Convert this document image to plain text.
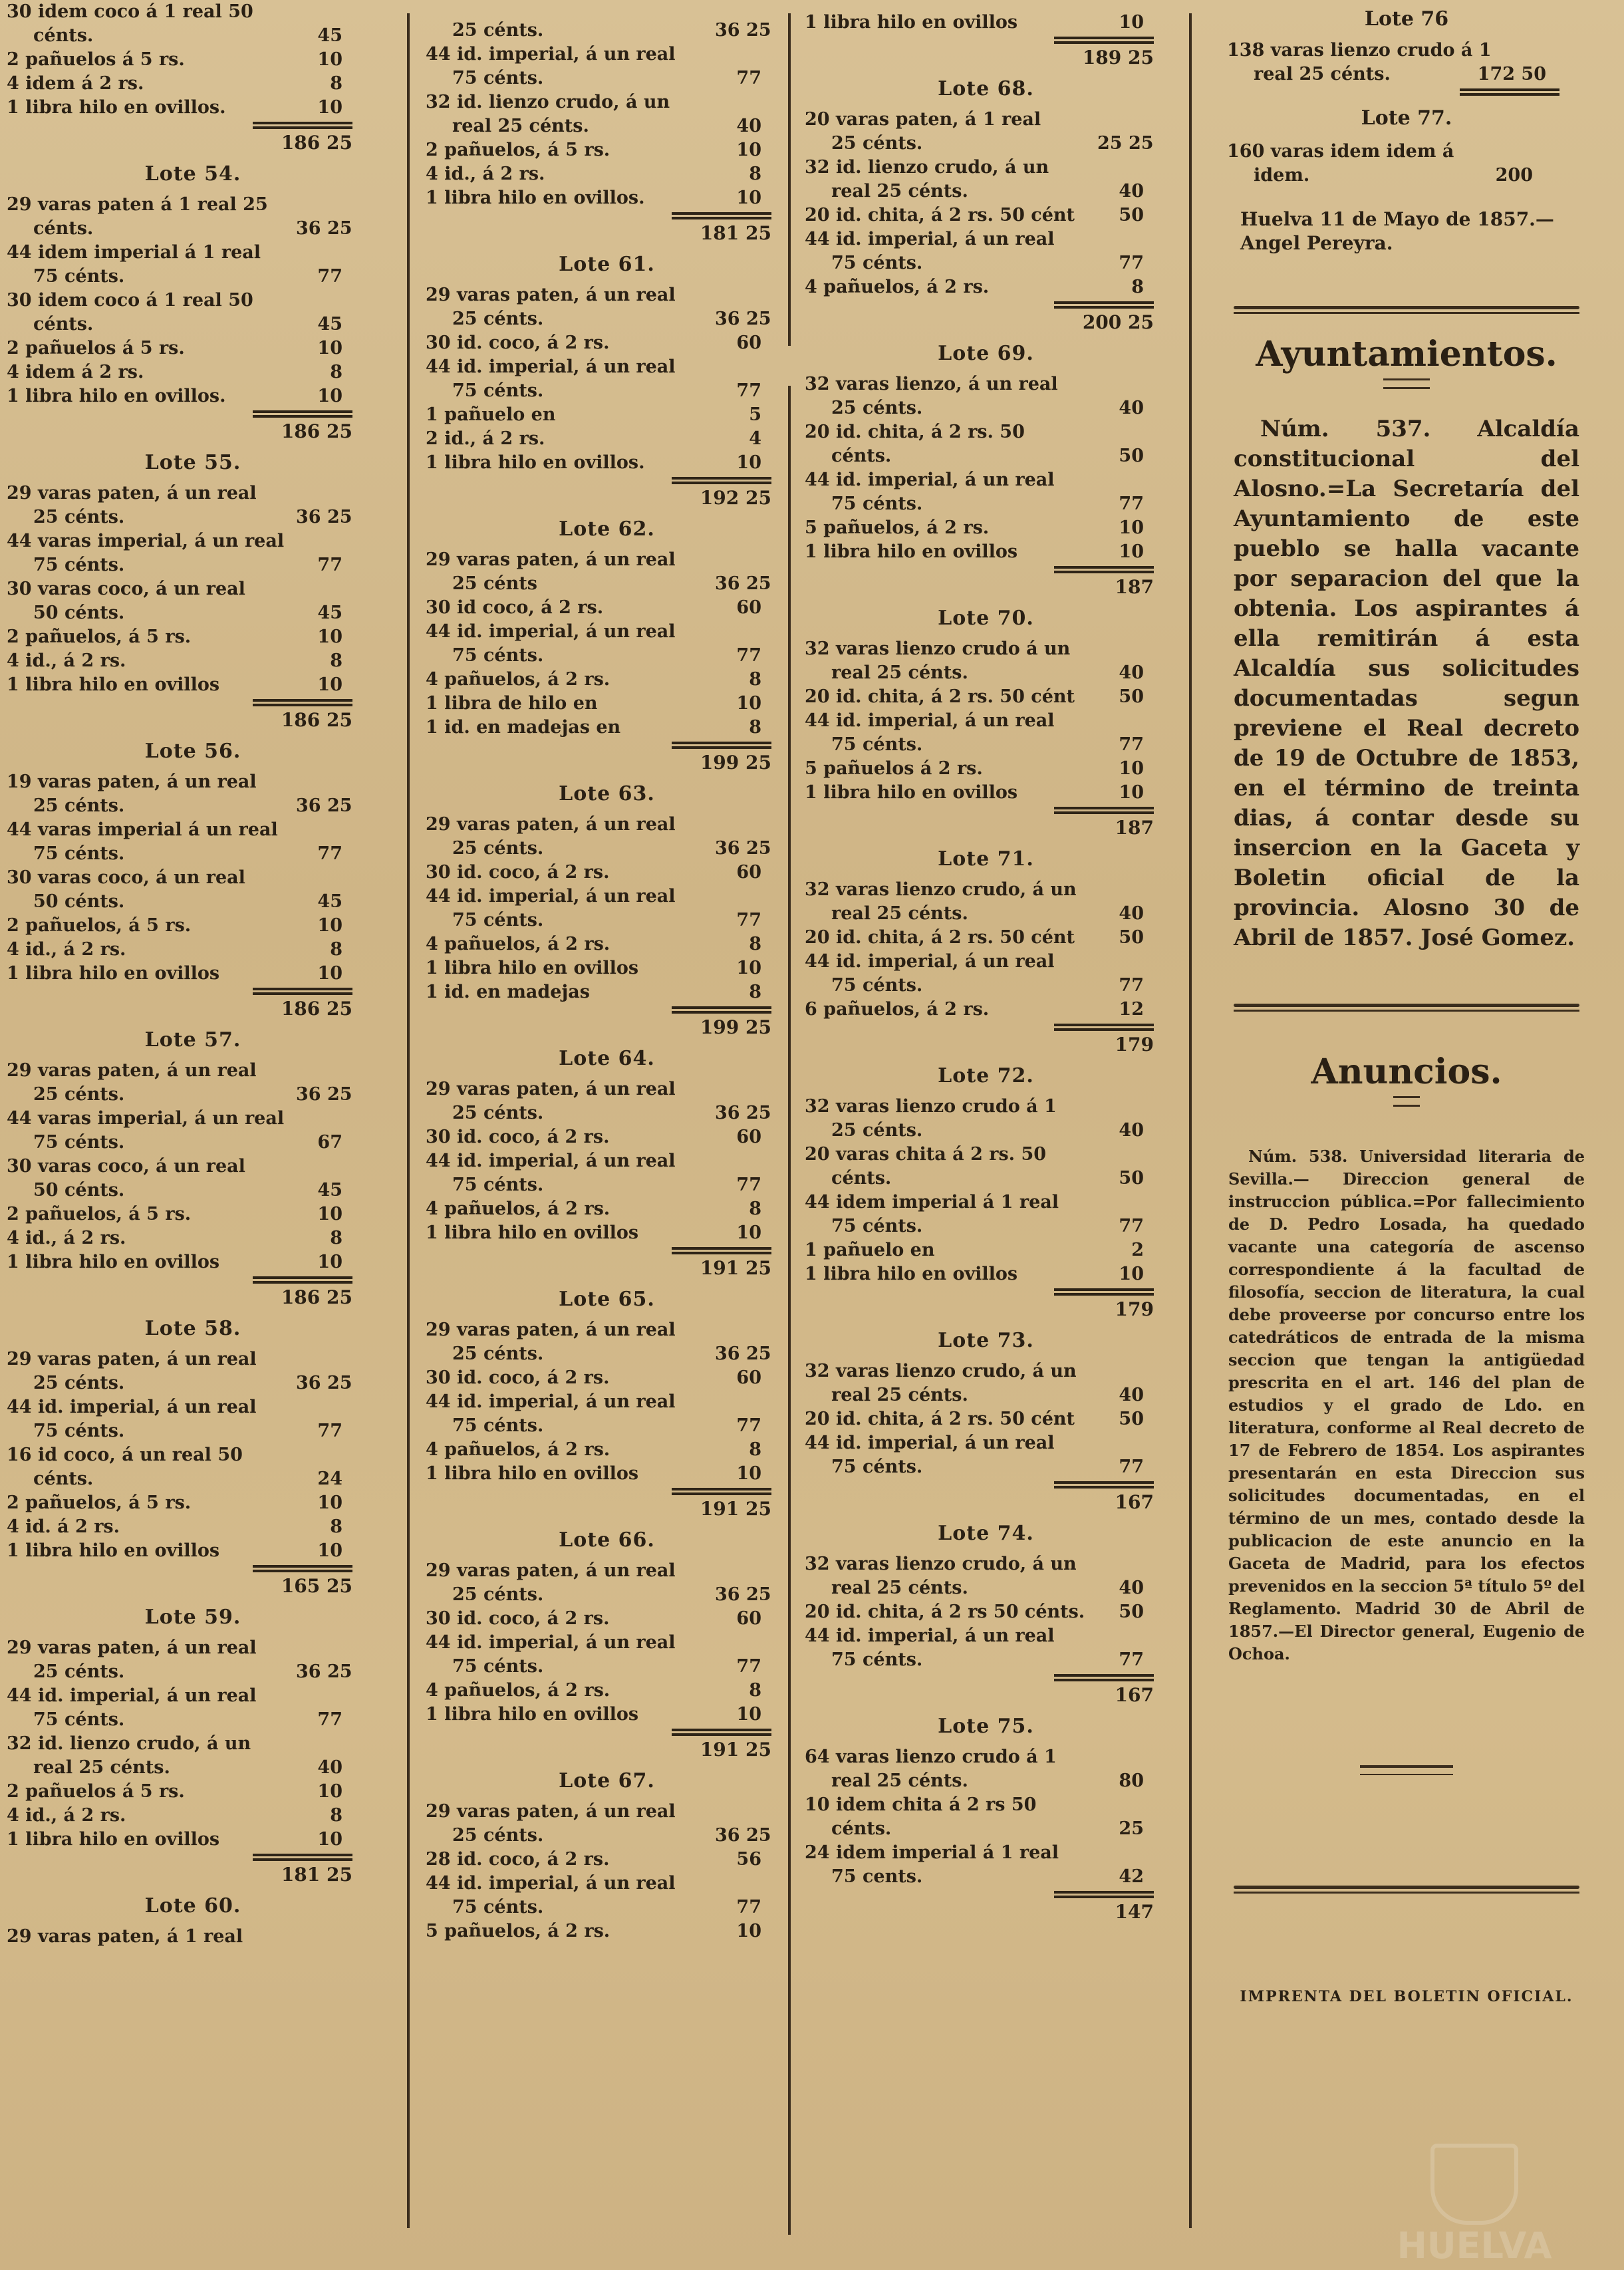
30 idem coco á 1 real 50
cénts.	45
2 pañuelos á 5 rs.	10
4 idem á 2 rs.	8
1 libra hilo en ovillos.	10
186 25
Lote 54.
29 varas paten á 1 real 25
cénts.	36 25
44 idem imperial á 1 real
75 cénts.	77
30 idem coco á 1 real 50
cénts.	45
2 pañuelos á 5 rs.	10
4 idem á 2 rs.	8
1 libra hilo en ovillos.	10
186 25
Lote 55.
29 varas paten, á un real
25 cénts.	36 25
44 varas imperial, á un real
75 cénts.	77
30 varas coco, á un real
50 cénts.	45
2 pañuelos, á 5 rs.	10
4 id., á 2 rs.	8
1 libra hilo en ovillos	10
186 25
Lote 56.
19 varas paten, á un real
25 cénts.	36 25
44 varas imperial á un real
75 cénts.	77
30 varas coco, á un real
50 cénts.	45
2 pañuelos, á 5 rs.	10
4 id., á 2 rs.	8
1 libra hilo en ovillos	10
186 25
Lote 57.
29 varas paten, á un real
25 cénts.	36 25
44 varas imperial, á un real
75 cénts.	67
30 varas coco, á un real
50 cénts.	45
2 pañuelos, á 5 rs.	10
4 id., á 2 rs.	8
1 libra hilo en ovillos	10
186 25
Lote 58.
29 varas paten, á un real
25 cénts.	36 25
44 id. imperial, á un real
75 cénts.	77
16 id coco, á un real 50
cénts.	24
2 pañuelos, á 5 rs.	10
4 id. á 2 rs.	8
1 libra hilo en ovillos	10
165 25
Lote 59.
29 varas paten, á un real
25 cénts.	36 25
44 id. imperial, á un real
75 cénts.	77
32 id. lienzo crudo, á un
real 25 cénts.	40
2 pañuelos á 5 rs.	10
4 id., á 2 rs.	8
1 libra hilo en ovillos	10
181 25
Lote 60.
29 varas paten, á 1 real
25 cénts.	36 25
44 id. imperial, á un real
75 cénts.	77
32 id. lienzo crudo, á un
real 25 cénts.	40
2 pañuelos, á 5 rs.	10
4 id., á 2 rs.	8
1 libra hilo en ovillos.	10
181 25
Lote 61.
29 varas paten, á un real
25 cénts.	36 25
30 id. coco, á 2 rs.	60
44 id. imperial, á un real
75 cénts.	77
1 pañuelo en	5
2 id., á 2 rs.	4
1 libra hilo en ovillos.	10
192 25
Lote 62.
29 varas paten, á un real
25 cénts	36 25
30 id coco, á 2 rs.	60
44 id. imperial, á un real
75 cénts.	77
4 pañuelos, á 2 rs.	8
1 libra de hilo en	10
1 id. en madejas en	8
199 25
Lote 63.
29 varas paten, á un real
25 cénts.	36 25
30 id. coco, á 2 rs.	60
44 id. imperial, á un real
75 cénts.	77
4 pañuelos, á 2 rs.	8
1 libra hilo en ovillos	10
1 id. en madejas	8
199 25
Lote 64.
29 varas paten, á un real
25 cénts.	36 25
30 id. coco, á 2 rs.	60
44 id. imperial, á un real
75 cénts.	77
4 pañuelos, á 2 rs.	8
1 libra hilo en ovillos	10
191 25
Lote 65.
29 varas paten, á un real
25 cénts.	36 25
30 id. coco, á 2 rs.	60
44 id. imperial, á un real
75 cénts.	77
4 pañuelos, á 2 rs.	8
1 libra hilo en ovillos	10
191 25
Lote 66.
29 varas paten, á un real
25 cénts.	36 25
30 id. coco, á 2 rs.	60
44 id. imperial, á un real
75 cénts.	77
4 pañuelos, á 2 rs.	8
1 libra hilo en ovillos	10
191 25
Lote 67.
29 varas paten, á un real
25 cénts.	36 25
28 id. coco, á 2 rs.	56
44 id. imperial, á un real
75 cénts.	77
5 pañuelos, á 2 rs.	10
1 libra hilo en ovillos	10
189 25
Lote 68.
20 varas paten, á 1 real
25 cénts.	25 25
32 id. lienzo crudo, á un
real 25 cénts.	40
20 id. chita, á 2 rs. 50 cént	50
44 id. imperial, á un real
75 cénts.	77
4 pañuelos, á 2 rs.	8
200 25
Lote 69.
32 varas lienzo, á un real
25 cénts.	40
20 id. chita, á 2 rs. 50
cénts.	50
44 id. imperial, á un real
75 cénts.	77
5 pañuelos, á 2 rs.	10
1 libra hilo en ovillos	10
187
Lote 70.
32 varas lienzo crudo á un
real 25 cénts.	40
20 id. chita, á 2 rs. 50 cént	50
44 id. imperial, á un real
75 cénts.	77
5 pañuelos á 2 rs.	10
1 libra hilo en ovillos	10
187
Lote 71.
32 varas lienzo crudo, á un
real 25 cénts.	40
20 id. chita, á 2 rs. 50 cént	50
44 id. imperial, á un real
75 cénts.	77
6 pañuelos, á 2 rs.	12
179
Lote 72.
32 varas lienzo crudo á 1
25 cénts.	40
20 varas chita á 2 rs. 50
cénts.	50
44 idem imperial á 1 real
75 cénts.	77
1 pañuelo en	2
1 libra hilo en ovillos	10
179
Lote 73.
32 varas lienzo crudo, á un
real 25 cénts.	40
20 id. chita, á 2 rs. 50 cént	50
44 id. imperial, á un real
75 cénts.	77
167
Lote 74.
32 varas lienzo crudo, á un
real 25 cénts.	40
20 id. chita, á 2 rs 50 cénts.	50
44 id. imperial, á un real
75 cénts.	77
167
Lote 75.
64 varas lienzo crudo á 1
real 25 cénts.	80
10 idem chita á 2 rs 50
cénts.	25
24 idem imperial á 1 real
75 cents.	42
147
Lote 76
138 varas lienzo crudo á 1
real 25 cénts.	172 50
Lote 77.
160 varas idem idem á
idem.	200
Huelva 11 de Mayo de 1857.— Angel Pereyra.
Ayuntamientos.
Núm. 537. Alcaldía constitucional del Alosno.=La Secretaría del Ayuntamiento de este pueblo se halla vacante por separacion del que la obtenia. Los aspirantes á ella remitirán á esta Alcaldía sus solicitudes documentadas segun previene el Real decreto de 19 de Octubre de 1853, en el término de treinta dias, á contar desde su insercion en la Gaceta y Boletin oficial de la provincia. Alosno 30 de Abril de 1857. José Gomez.
Anuncios.
Núm. 538. Universidad literaria de Sevilla.— Direccion general de instruccion pública.=Por fallecimiento de D. Pedro Losada, ha quedado vacante una categoría de ascenso correspondiente á la facultad de filosofía, seccion de literatura, la cual debe proveerse por concurso entre los catedráticos de entrada de la misma seccion que tengan la antigüedad prescrita en el art. 146 del plan de estudios y el grado de Ldo. en literatura, conforme al Real decreto de 17 de Febrero de 1854. Los aspirantes presentarán en esta Direccion sus solicitudes documentadas, en el término de un mes, contado desde la publicacion de este anuncio en la Gaceta de Madrid, para los efectos prevenidos en la seccion 5ª título 5º del Reglamento. Madrid 30 de Abril de 1857.—El Director general, Eugenio de Ochoa.
IMPRENTA DEL BOLETIN OFICIAL.
HUELVA
